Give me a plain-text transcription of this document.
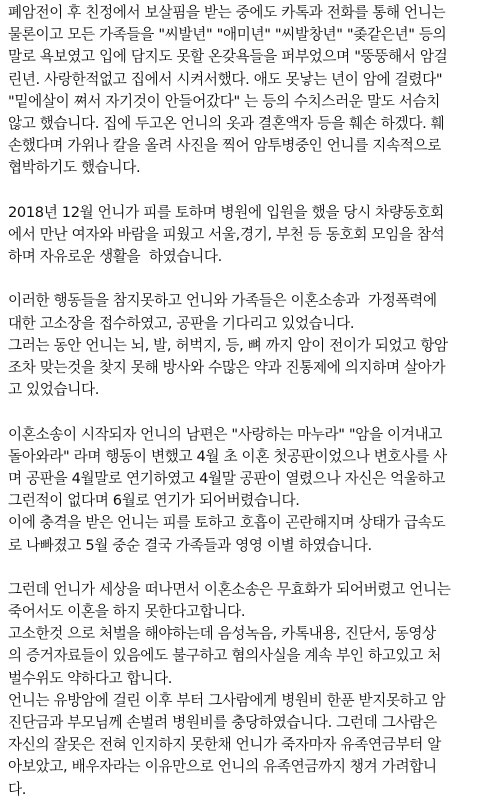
폐암전이 후 친정에서 보살핌을 받는 중에도 카톡과 전화를 통해 언니는
물론이고 모든 가족들을 "씨발년" "애미년" "씨발창년" "좆같은년" 등의
말로 욕보였고 입에 담지도 못할 온갖욕들을 퍼부었으며 "뚱뚱해서 암걸
린년. 사랑한적없고 집에서 시켜서했다. 애도 못낳는 년이 암에 걸렸다"
"밑에살이 쪄서 자기것이 안들어갔다" 는 등의 수치스러운 말도 서슴치
않고 했습니다. 집에 두고온 언니의 옷과 결혼액자 등을 훼손 하겠다. 훼
손했다며 가위나 칼을 올려 사진을 찍어 암투병중인 언니를 지속적으로
협박하기도 했습니다.
2018년 12월 언니가 피를 토하며 병원에 입원을 했을 당시 차량동호회
에서 만난 여자와 바람을 피웠고 서울,경기, 부천 등 동호회 모임을 참석
하며 자유로운 생활을  하였습니다.
이러한 행동들을 참지못하고 언니와 가족들은 이혼소송과  가정폭력에
대한 고소장을 접수하였고, 공판을 기다리고 있었습니다.
그러는 동안 언니는 뇌, 발, 허벅지, 등, 뼈 까지 암이 전이가 되었고 항암
조차 맞는것을 찾지 못해 방사와 수많은 약과 진통제에 의지하며 살아가
고 있었습니다.
이혼소송이 시작되자 언니의 남편은 "사랑하는 마누라" "암을 이겨내고
돌아와라" 라며 행동이 변했고 4월 초 이혼 첫공판이었으나 변호사를 사
며 공판을 4월말로 연기하였고 4월말 공판이 열렸으나 자신은 억울하고
그런적이 없다며 6월로 연기가 되어버렸습니다.
이에 충격을 받은 언니는 피를 토하고 호흡이 곤란해지며 상태가 급속도
로 나빠졌고 5월 중순 결국 가족들과 영영 이별 하였습니다.
그런데 언니가 세상을 떠나면서 이혼소송은 무효화가 되어버렸고 언니는
죽어서도 이혼을 하지 못한다고합니다.
고소한것 으로 처벌을 해야하는데 음성녹음, 카톡내용, 진단서, 동영상
의 증거자료들이 있음에도 불구하고 혐의사실을 계속 부인 하고있고 처
벌수위도 약하다고 합니다.
언니는 유방암에 걸린 이후 부터 그사람에게 병원비 한푼 받지못하고 암
진단금과 부모님께 손벌려 병원비를 충당하였습니다. 그런데 그사람은
자신의 잘못은 전혀 인지하지 못한채 언니가 죽자마자 유족연금부터 알
아보았고, 배우자라는 이유만으로 언니의 유족연금까지 챙겨 가려합니
다.
